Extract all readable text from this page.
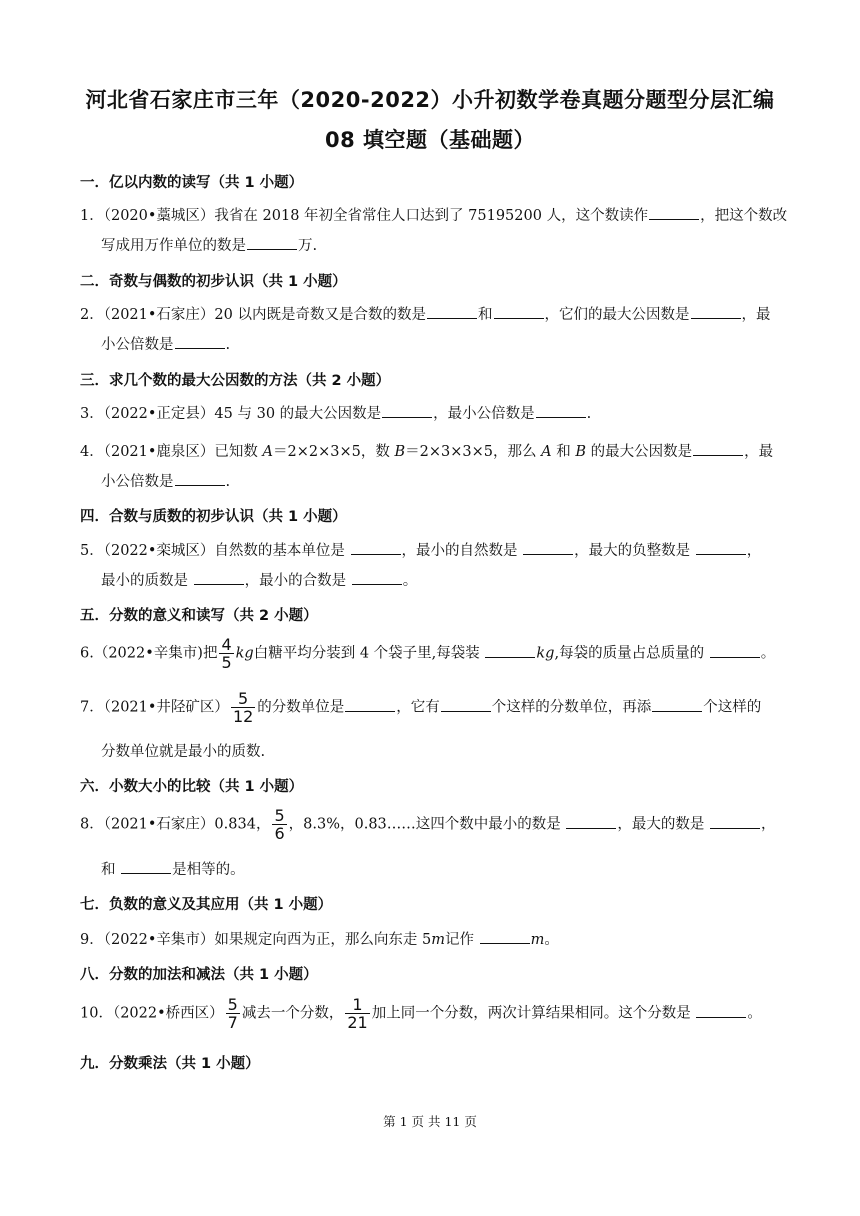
河北省石家庄市三年（2020-2022）小升初数学卷真题分题型分层汇编
08 填空题（基础题）
一．亿以内数的读写（共 1 小题）
1．（2020•藁城区）我省在 2018 年初全省常住人口达到了 75195200 人，这个数读作	，把这个数改
写成用万作单位的数是	万.
二．奇数与偶数的初步认识（共 1 小题）
2．（2021•石家庄）20 以内既是奇数又是合数的数是	和	，它们的最大公因数是	，最
小公倍数是	.
三．求几个数的最大公因数的方法（共 2 小题）
3．（2022•正定县）45 与 30 的最大公因数是	，最小公倍数是	.
4．（2021•鹿泉区）已知数 A＝2×2×3×5，数 B＝2×3×3×5，那么 A 和 B 的最大公因数是	，最
小公倍数是	.
四．合数与质数的初步认识（共 1 小题）
5．（2022•栾城区）自然数的基本单位是	，最小的自然数是	，最大的负整数是	，
最小的质数是	，最小的合数是	。
五．分数的意义和读写（共 2 小题）
6.（2022•辛集市)把 $\frac{4}{5}$ kg白糖平均分装到 4 个袋子里,每袋装	kg,每袋的质量占总质量的	。
7．（2021•井陉矿区） $\frac{5}{12}$ 的分数单位是	，它有	个这样的分数单位，再添	个这样的
分数单位就是最小的质数.
六．小数大小的比较（共 1 小题）
8．（2021•石家庄）0.834， $\frac{5}{6}$ ，8.3%，0.83……这四个数中最小的数是	，最大的数是	，
和	是相等的。
七．负数的意义及其应用（共 1 小题）
9．（2022•辛集市）如果规定向西为正，那么向东走 5m记作	m。
八．分数的加法和减法（共 1 小题）
10．（2022•桥西区） $\frac{5}{7}$ 减去一个分数， $\frac{1}{21}$ 加上同一个分数，两次计算结果相同。这个分数是	。
九．分数乘法（共 1 小题）
第 1 页 共 11 页
